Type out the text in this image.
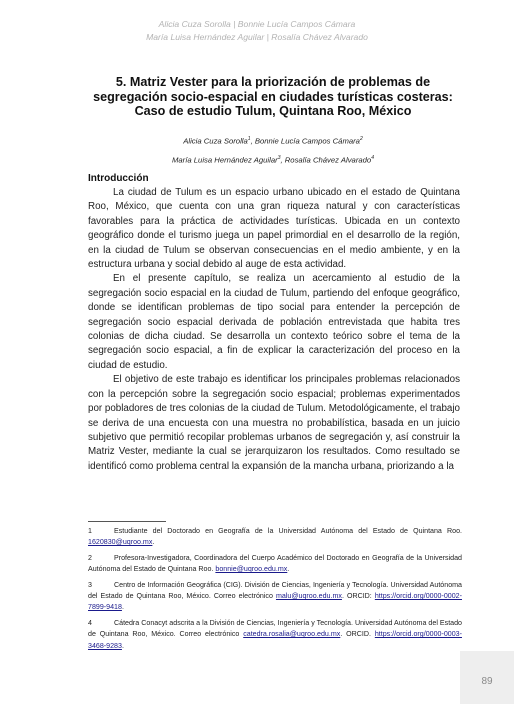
Alicia Cuza Sorolla | Bonnie Lucía Campos Cámara
María Luisa Hernández Aguilar | Rosalía Chávez Alvarado
5. Matriz Vester para la priorización de problemas de
segregación socio-espacial en ciudades turísticas costeras:
Caso de estudio Tulum, Quintana Roo, México
Alicia Cuza Sorolla$^1$, Bonnie Lucía Campos Cámara$^2$
María Luisa Hernández Aguilar$^3$, Rosalía Chávez Alvarado$^4$
Introducción

La ciudad de Tulum es un espacio urbano ubicado en el estado de Quintana Roo, México, que cuenta con una gran riqueza natural y con características favorables para la práctica de actividades turísticas. Ubicada en un contexto geográfico donde el turismo juega un papel primordial en el desarrollo de la región, en la ciudad de Tulum se observan consecuencias en el medio ambiente, y en la estructura urbana y social debido al auge de esta actividad.

En el presente capítulo, se realiza un acercamiento al estudio de la segregación socio espacial en la ciudad de Tulum, partiendo del enfoque geográfico, donde se identifican problemas de tipo social para entender la percepción de segregación socio espacial derivada de población entrevistada que habita tres colonias de dicha ciudad. Se desarrolla un contexto teórico sobre el tema de la segregación socio espacial, a fin de explicar la caracterización del proceso en la ciudad de estudio.

El objetivo de este trabajo es identificar los principales problemas relacionados con la percepción sobre la segregación socio espacial; problemas experimentados por pobladores de tres colonias de la ciudad de Tulum. Metodológicamente, el trabajo se deriva de una encuesta con una muestra no probabilística, basada en un juicio subjetivo que permitió recopilar problemas urbanos de segregación y, así construir la Matriz Vester, mediante la cual se jerarquizaron los resultados. Como resultado se identificó como problema central la expansión de la mancha urbana, priorizando a la

1	Estudiante del Doctorado en Geografía de la Universidad Autónoma del Estado de Quintana Roo. 1620830@uqroo.mx.
2	Profesora-Investigadora, Coordinadora del Cuerpo Académico del Doctorado en Geografía de la Universidad Autónoma del Estado de Quintana Roo. bonnie@uqroo.edu.mx.
3	Centro de Información Geográfica (CIG). División de Ciencias, Ingeniería y Tecnología. Universidad Autónoma del Estado de Quintana Roo, México. Correo electrónico malu@uqroo.edu.mx. ORCID: https://orcid.org/0000-0002-7899-9418.
4	Cátedra Conacyt adscrita a la División de Ciencias, Ingeniería y Tecnología. Universidad Autónoma del Estado de Quintana Roo, México. Correo electrónico catedra.rosalia@uqroo.edu.mx. ORCID. https://orcid.org/0000-0003-3468-9283.
89
